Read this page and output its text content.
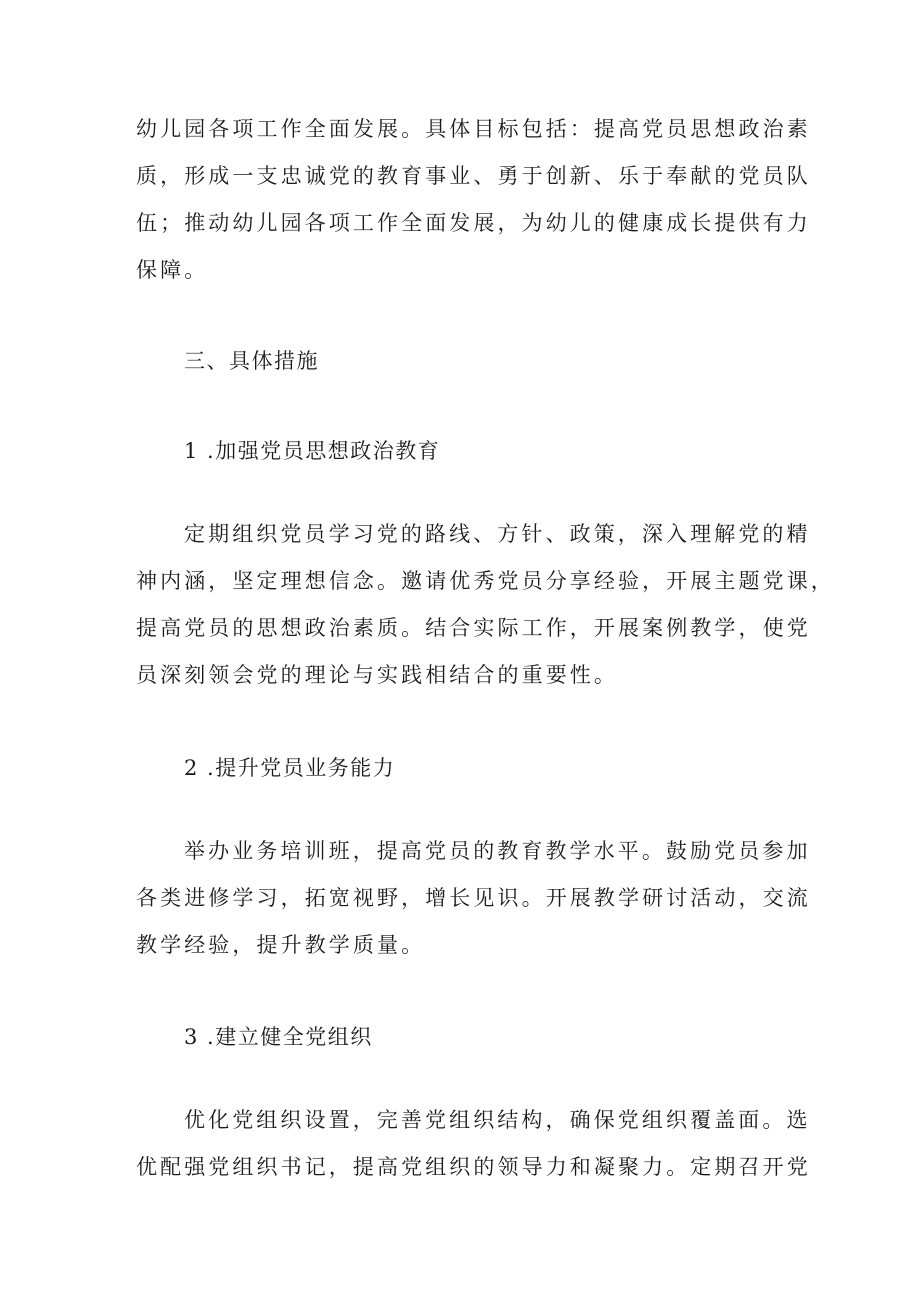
幼儿园各项工作全面发展。具体目标包括：提高党员思想政治素
质，形成一支忠诚党的教育事业、勇于创新、乐于奉献的党员队
伍；推动幼儿园各项工作全面发展，为幼儿的健康成长提供有力
保障。
三、具体措施
1 .加强党员思想政治教育
定期组织党员学习党的路线、方针、政策，深入理解党的精
神内涵，坚定理想信念。邀请优秀党员分享经验，开展主题党课，
提高党员的思想政治素质。结合实际工作，开展案例教学，使党
员深刻领会党的理论与实践相结合的重要性。
2 .提升党员业务能力
举办业务培训班，提高党员的教育教学水平。鼓励党员参加
各类进修学习，拓宽视野，增长见识。开展教学研讨活动，交流
教学经验，提升教学质量。
3 .建立健全党组织
优化党组织设置，完善党组织结构，确保党组织覆盖面。选
优配强党组织书记，提高党组织的领导力和凝聚力。定期召开党
